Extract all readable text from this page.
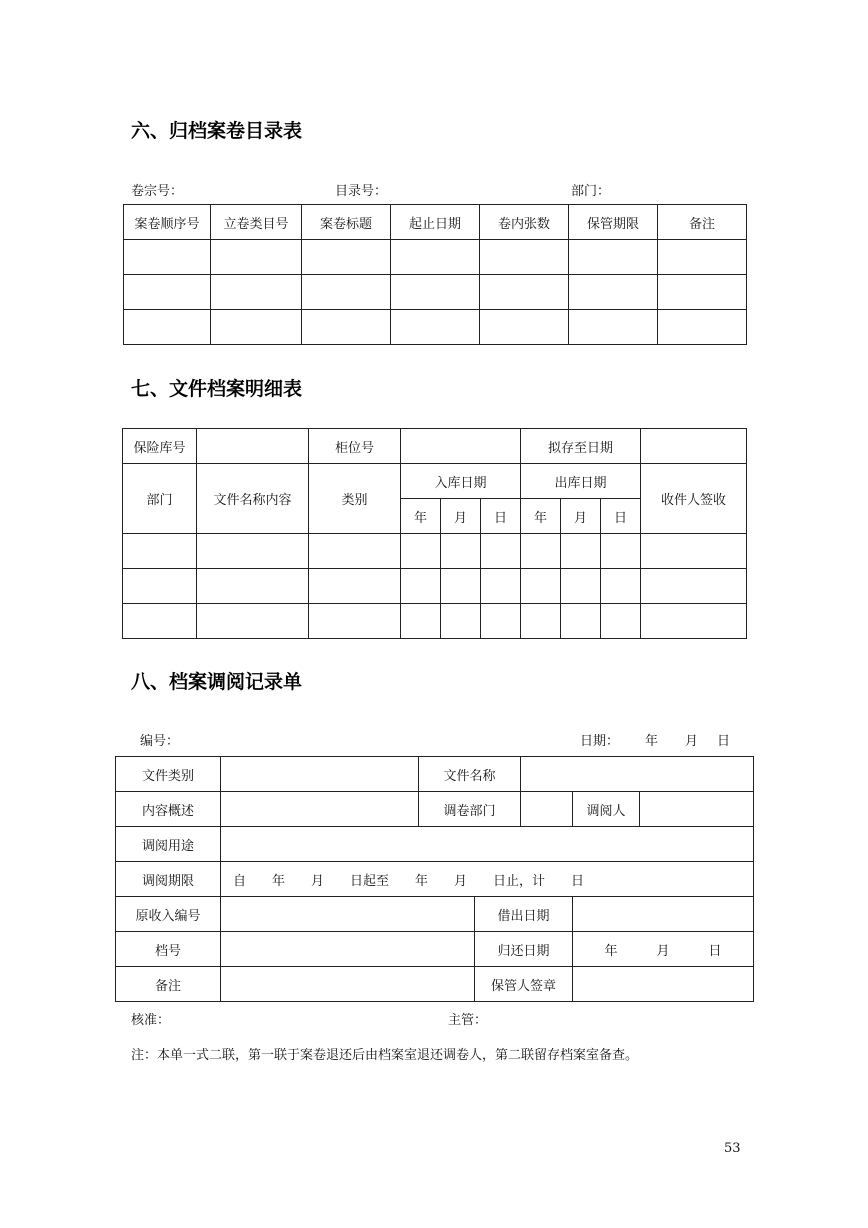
六、归档案卷目录表
卷宗号：	目录号：	部门：
案卷顺序号	立卷类目号	案卷标题	起止日期	卷内张数	保管期限	备注

七、文件档案明细表
保险库号		柜位号				拟存至日期			
部门	文件名称内容	类别	入库日期			出库日期			收件人签收
			年	月	日	年	月	日	

八、档案调阅记录单
编号：	日期： 年 月 日
文件类别		文件名称				
内容概述		调卷部门			调阅人	
调阅用途						
调阅期限	自　　年　　月　　日起至　　年　　月　　日止，计　　日					
原收入编号			借出日期			
档号			归还日期		年　　　月　　　日	
备注			保管人签章			
核准：	主管：
注：本单一式二联，第一联于案卷退还后由档案室退还调卷人，第二联留存档案室备查。
53
